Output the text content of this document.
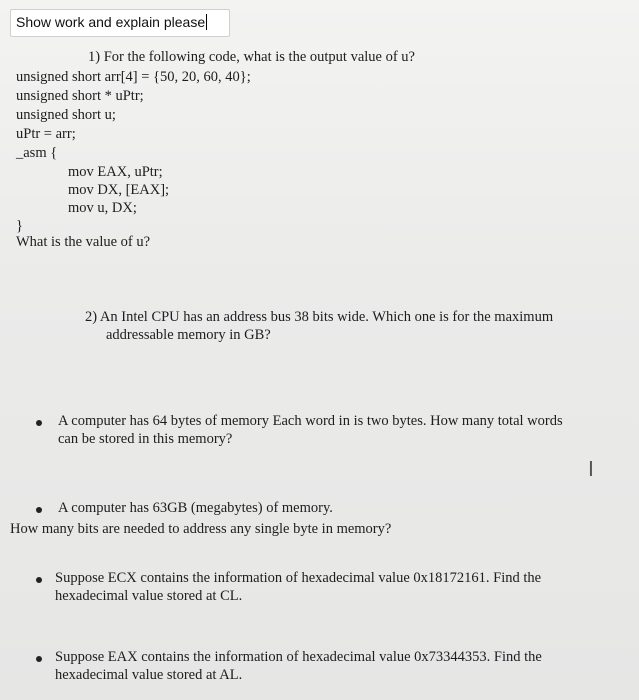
Show work and explain please
1) For the following code, what is the output value of u?
unsigned short arr[4] = {50, 20, 60, 40};
unsigned short * uPtr;
unsigned short u;
uPtr = arr;
_asm {
mov EAX, uPtr;
mov DX, [EAX];
mov u, DX;
}
What is the value of u?
2) An Intel CPU has an address bus 38 bits wide. Which one is for the maximum
addressable memory in GB?
A computer has 64 bytes of memory Each word in is two bytes. How many total words
can be stored in this memory?
I
A computer has 63GB (megabytes) of memory.
How many bits are needed to address any single byte in memory?
Suppose ECX contains the information of hexadecimal value 0x18172161. Find the
hexadecimal value stored at CL.
Suppose EAX contains the information of hexadecimal value 0x73344353. Find the
hexadecimal value stored at AL.
